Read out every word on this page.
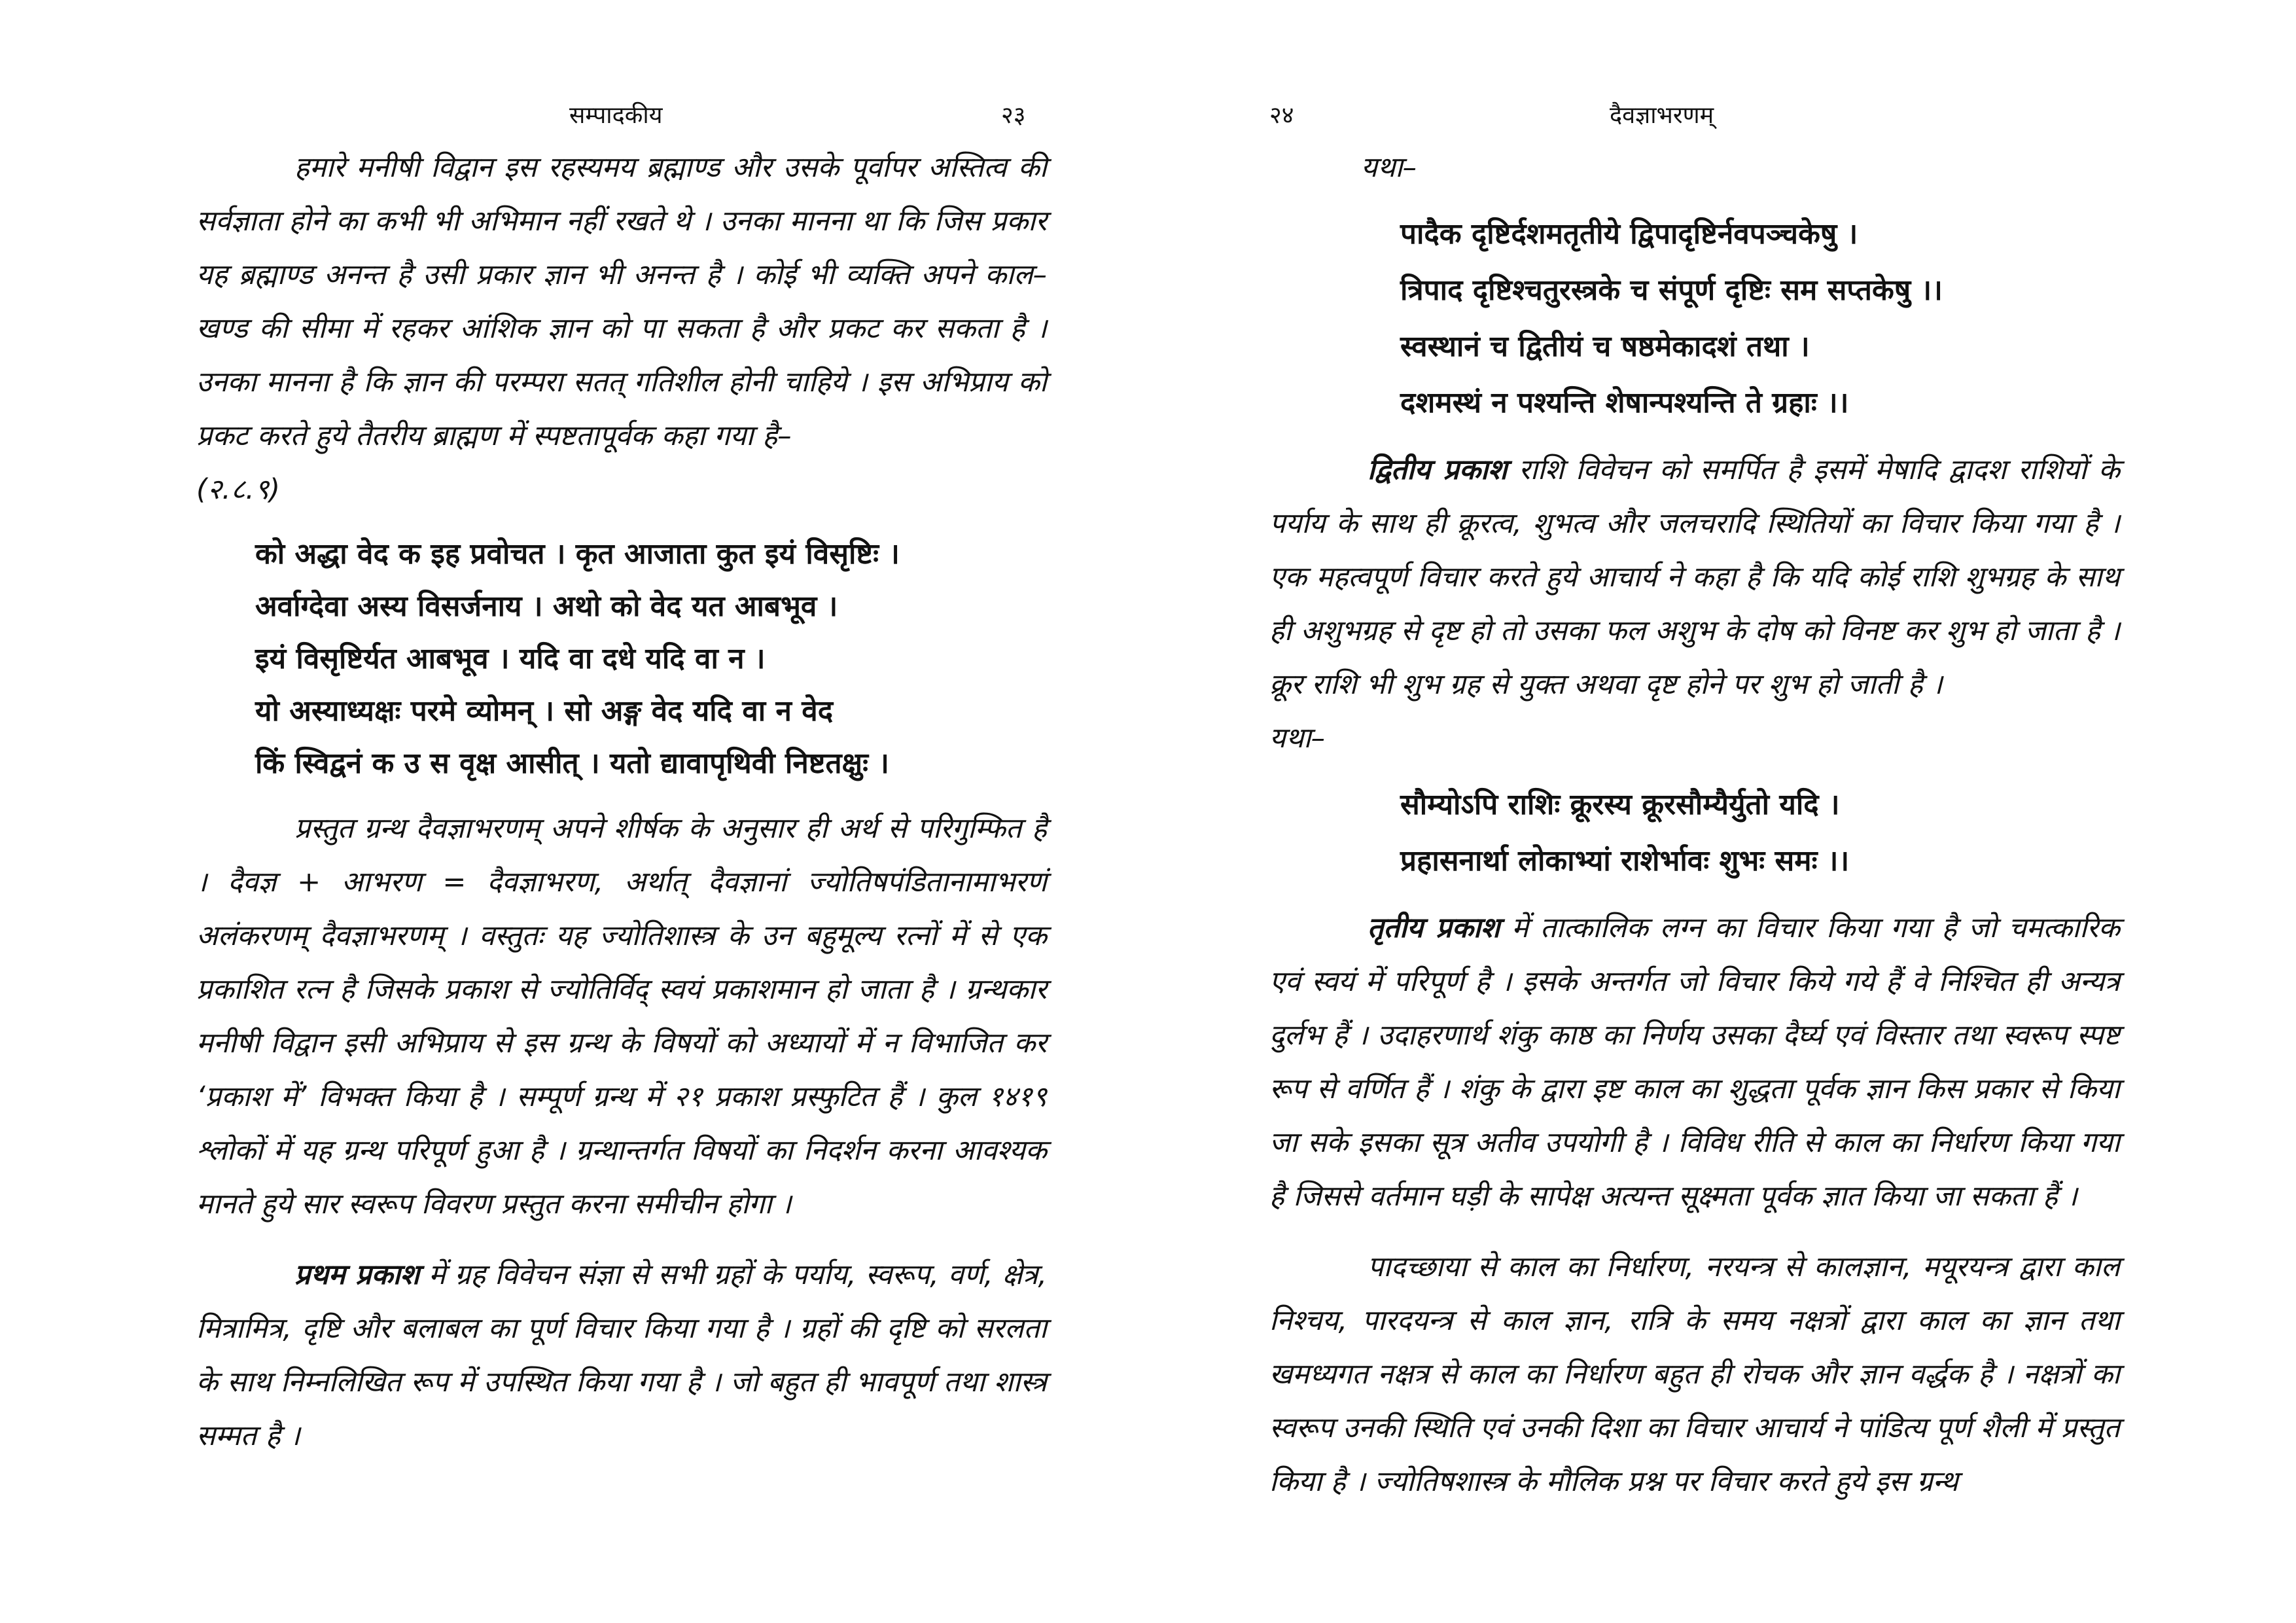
सम्पादकीय	२३

हमारे मनीषी विद्वान इस रहस्यमय ब्रह्माण्ड और उसके पूर्वापर अस्तित्व की सर्वज्ञाता होने का कभी भी अभिमान नहीं रखते थे । उनका मानना था कि जिस प्रकार यह ब्रह्माण्ड अनन्त है उसी प्रकार ज्ञान भी अनन्त है । कोई भी व्यक्ति अपने काल–खण्ड की सीमा में रहकर आंशिक ज्ञान को पा सकता है और प्रकट कर सकता है । उनका मानना है कि ज्ञान की परम्परा सतत् गतिशील होनी चाहिये । इस अभिप्राय को प्रकट करते हुये तैतरीय ब्राह्मण में स्पष्टतापूर्वक कहा गया है–

(२.८.९)

को अद्धा वेद क इह प्रवोचत । कृत आजाता कुत इयं विसृष्टिः ।
अर्वाग्देवा अस्य विसर्जनाय । अथो को वेद यत आबभूव ।
इयं विसृष्टिर्यत आबभूव । यदि वा दधे यदि वा न ।
यो अस्याध्यक्षः परमे व्योमन् । सो अङ्ग वेद यदि वा न वेद
किं स्विद्वनं क उ स वृक्ष आसीत् । यतो द्यावापृथिवी निष्टतक्षुः ।

प्रस्तुत ग्रन्थ दैवज्ञाभरणम् अपने शीर्षक के अनुसार ही अर्थ से परिगुम्फित है । दैवज्ञ + आभरण = दैवज्ञाभरण, अर्थात् दैवज्ञानां ज्योतिषपंडितानामाभरणं अलंकरणम् दैवज्ञाभरणम् । वस्तुतः यह ज्योतिशास्त्र के उन बहुमूल्य रत्नों में से एक प्रकाशित रत्न है जिसके प्रकाश से ज्योतिर्विद् स्वयं प्रकाशमान हो जाता है । ग्रन्थकार मनीषी विद्वान इसी अभिप्राय से इस ग्रन्थ के विषयों को अध्यायों में न विभाजित कर ‘प्रकाश में’ विभक्त किया है । सम्पूर्ण ग्रन्थ में २१ प्रकाश प्रस्फुटित हैं । कुल १४१९ श्लोकों में यह ग्रन्थ परिपूर्ण हुआ है । ग्रन्थान्तर्गत विषयों का निदर्शन करना आवश्यक मानते हुये सार स्वरूप विवरण प्रस्तुत करना समीचीन होगा ।

प्रथम प्रकाश में ग्रह विवेचन संज्ञा से सभी ग्रहों के पर्याय, स्वरूप, वर्ण, क्षेत्र, मित्रामित्र, दृष्टि और बलाबल का पूर्ण विचार किया गया है । ग्रहों की दृष्टि को सरलता के साथ निम्नलिखित रूप में उपस्थित किया गया है । जो बहुत ही भावपूर्ण तथा शास्त्र सम्मत है ।

२४	दैवज्ञाभरणम्

यथा–

पादैक दृष्टिर्दशमतृतीये द्विपादृष्टिर्नवपञ्चकेषु ।
त्रिपाद दृष्टिश्चतुरस्त्रके च संपूर्ण दृष्टिः सम सप्तकेषु ।।
स्वस्थानं च द्वितीयं च षष्ठमेकादशं तथा ।
दशमस्थं न पश्यन्ति शेषान्पश्यन्ति ते ग्रहाः ।।

द्वितीय प्रकाश राशि विवेचन को समर्पित है इसमें मेषादि द्वादश राशियों के पर्याय के साथ ही क्रूरत्व, शुभत्व और जलचरादि स्थितियों का विचार किया गया है । एक महत्वपूर्ण विचार करते हुये आचार्य ने कहा है कि यदि कोई राशि शुभग्रह के साथ ही अशुभग्रह से दृष्ट हो तो उसका फल अशुभ के दोष को विनष्ट कर शुभ हो जाता है । क्रूर राशि भी शुभ ग्रह से युक्त अथवा दृष्ट होने पर शुभ हो जाती है ।

यथा–

सौम्योऽपि राशिः क्रूरस्य क्रूरसौम्यैर्युतो यदि ।
प्रहासनार्था लोकाभ्यां राशेर्भावः शुभः समः ।।

तृतीय प्रकाश में तात्कालिक लग्न का विचार किया गया है जो चमत्कारिक एवं स्वयं में परिपूर्ण है । इसके अन्तर्गत जो विचार किये गये हैं वे निश्चित ही अन्यत्र दुर्लभ हैं । उदाहरणार्थ शंकु काष्ठ का निर्णय उसका दैर्घ्य एवं विस्तार तथा स्वरूप स्पष्ट रूप से वर्णित हैं । शंकु के द्वारा इष्ट काल का शुद्धता पूर्वक ज्ञान किस प्रकार से किया जा सके इसका सूत्र अतीव उपयोगी है । विविध रीति से काल का निर्धारण किया गया है जिससे वर्तमान घड़ी के सापेक्ष अत्यन्त सूक्ष्मता पूर्वक ज्ञात किया जा सकता हैं ।

पादच्छाया से काल का निर्धारण, नरयन्त्र से कालज्ञान, मयूरयन्त्र द्वारा काल निश्चय, पारदयन्त्र से काल ज्ञान, रात्रि के समय नक्षत्रों द्वारा काल का ज्ञान तथा खमध्यगत नक्षत्र से काल का निर्धारण बहुत ही रोचक और ज्ञान वर्द्धक है । नक्षत्रों का स्वरूप उनकी स्थिति एवं उनकी दिशा का विचार आचार्य ने पांडित्य पूर्ण शैली में प्रस्तुत किया है । ज्योतिषशास्त्र के मौलिक प्रश्न पर विचार करते हुये इस ग्रन्थ
